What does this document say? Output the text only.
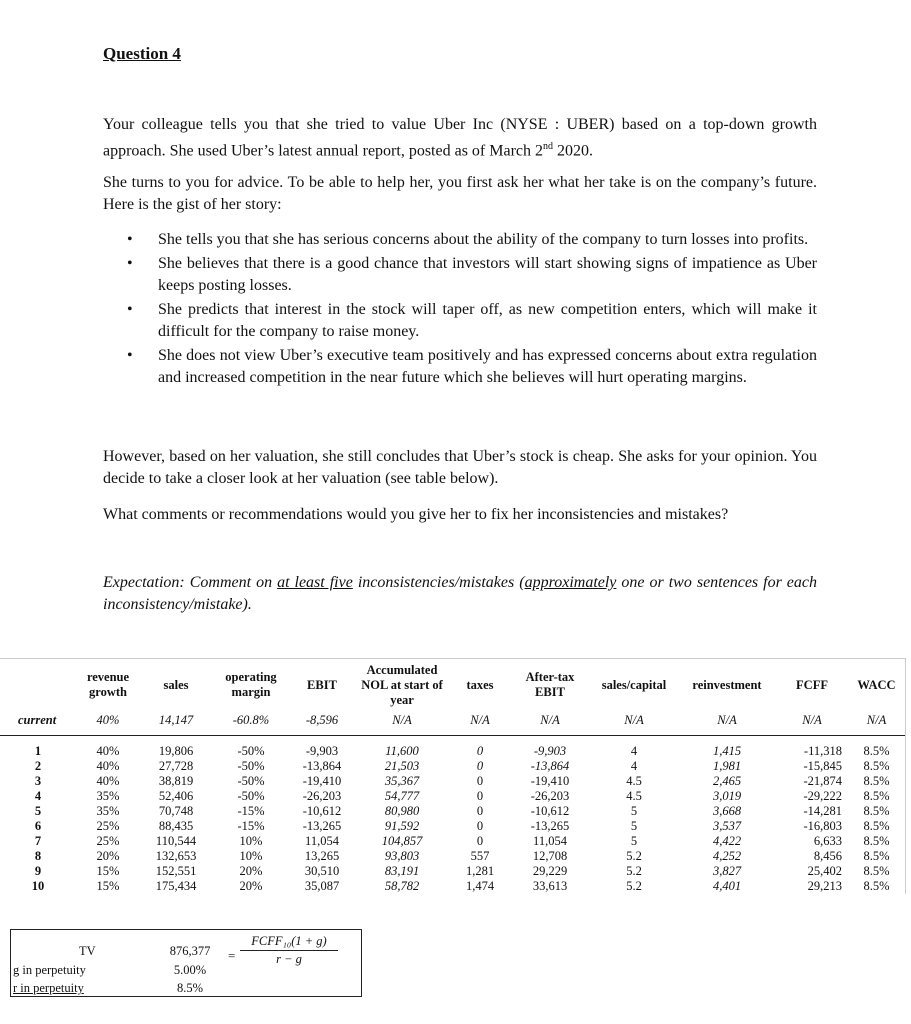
Question 4
Your colleague tells you that she tried to value Uber Inc (NYSE : UBER) based on a top-down growth approach. She used Uber’s latest annual report, posted as of March 2nd 2020.
She turns to you for advice. To be able to help her, you first ask her what her take is on the company’s future. Here is the gist of her story:
• She tells you that she has serious concerns about the ability of the company to turn losses into profits.
• She believes that there is a good chance that investors will start showing signs of impatience as Uber keeps posting losses.
• She predicts that interest in the stock will taper off, as new competition enters, which will make it difficult for the company to raise money.
• She does not view Uber’s executive team positively and has expressed concerns about extra regulation and increased competition in the near future which she believes will hurt operating margins.
However, based on her valuation, she still concludes that Uber’s stock is cheap. She asks for your opinion. You decide to take a closer look at her valuation (see table below).
What comments or recommendations would you give her to fix her inconsistencies and mistakes?
Expectation: Comment on at least five inconsistencies/mistakes (approximately one or two sentences for each inconsistency/mistake).
	revenue growth	sales	operating margin	EBIT	Accumulated NOL at start of year	taxes	After-tax EBIT	sales/capital	reinvestment	FCFF	WACC
current	40%	14,147	-60.8%	-8,596	N/A	N/A	N/A	N/A	N/A	N/A	N/A

1	40%	19,806	-50%	-9,903	11,600	0	-9,903	4	1,415	-11,318	8.5%
2	40%	27,728	-50%	-13,864	21,503	0	-13,864	4	1,981	-15,845	8.5%
3	40%	38,819	-50%	-19,410	35,367	0	-19,410	4.5	2,465	-21,874	8.5%
4	35%	52,406	-50%	-26,203	54,777	0	-26,203	4.5	3,019	-29,222	8.5%
5	35%	70,748	-15%	-10,612	80,980	0	-10,612	5	3,668	-14,281	8.5%
6	25%	88,435	-15%	-13,265	91,592	0	-13,265	5	3,537	-16,803	8.5%
7	25%	110,544	10%	11,054	104,857	0	11,054	5	4,422	6,633	8.5%
8	20%	132,653	10%	13,265	93,803	557	12,708	5.2	4,252	8,456	8.5%
9	15%	152,551	20%	30,510	83,191	1,281	29,229	5.2	3,827	25,402	8.5%
10	15%	175,434	20%	35,087	58,782	1,474	33,613	5.2	4,401	29,213	8.5%
TV	876,377
g in perpetuity	5.00%
r in perpetuity	8.5%
=
FCFF₁₀(1 + g)
r − g
